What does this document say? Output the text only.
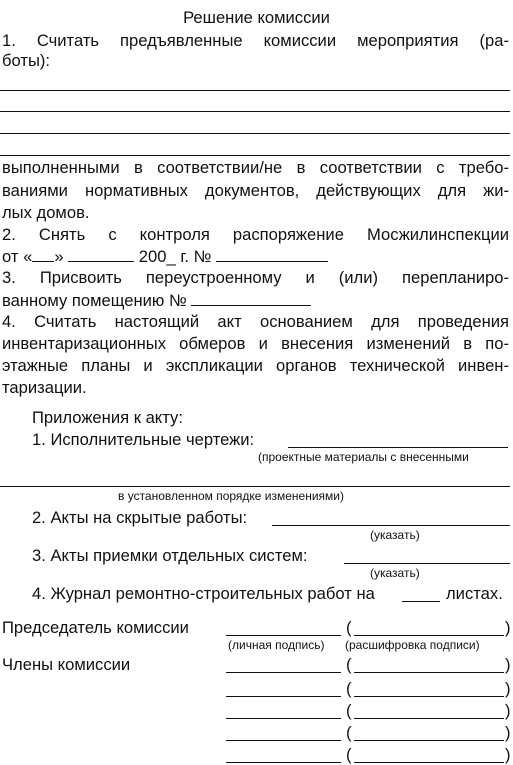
Решение комиссии
1. Считать предъявленные комиссии мероприятия (ра-
боты):
выполненными в соответствии/не в соответствии с требо-
ваниями нормативных документов, действующих для жи-
лых домов.
2. Снять с контроля распоряжение Мосжилинспекции
от « »	200_ г. №
3. Присвоить переустроенному и (или) перепланиро-
ванному помещению №
4. Считать настоящий акт основанием для проведения
инвентаризационных обмеров и внесения изменений в по-
этажные планы и экспликации органов технической инвен-
таризации.
Приложения к акту:
1. Исполнительные чертежи:
(проектные материалы с внесенными
в установленном порядке изменениями)
2. Акты на скрытые работы:
(указать)
3. Акты приемки отдельных систем:
(указать)
4. Журнал ремонтно-строительных работ на	листах.
Председатель комиссии	(	)
(личная подпись) (расшифровка подписи)
Члены комиссии	(	)
(	)
(	)
(	)
(	)
